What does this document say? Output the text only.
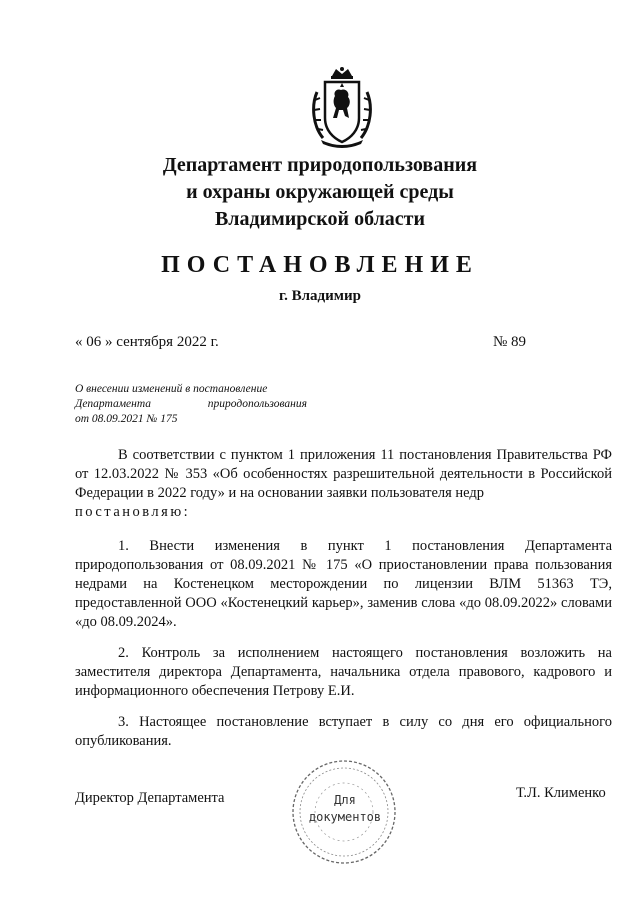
Департамент природопользования
и охраны окружающей среды
Владимирской области
ПОСТАНОВЛЕНИЕ
г. Владимир
« 06 » сентября 2022 г.	№ 89
О внесении изменений в постановление
Департамента природопользования
от 08.09.2021 № 175

В соответствии с пунктом 1 приложения 11 постановления Правительства РФ от 12.03.2022 № 353 «Об особенностях разрешительной деятельности в Российской Федерации в 2022 году» и на основании заявки пользователя недр

постановляю:

1. Внести изменения в пункт 1 постановления Департамента природопользования от 08.09.2021 № 175 «О приостановлении права пользования недрами на Костенецком месторождении по лицензии ВЛМ 51363 ТЭ, предоставленной ООО «Костенецкий карьер», заменив слова «до 08.09.2022» словами «до 08.09.2024».

2. Контроль за исполнением настоящего постановления возложить на заместителя директора Департамента, начальника отдела правового, кадрового и информационного обеспечения Петрову Е.И.

3. Настоящее постановление вступает в силу со дня его официального опубликования.

Директор Департамента	Т.Л. Клименко
Для
документов
